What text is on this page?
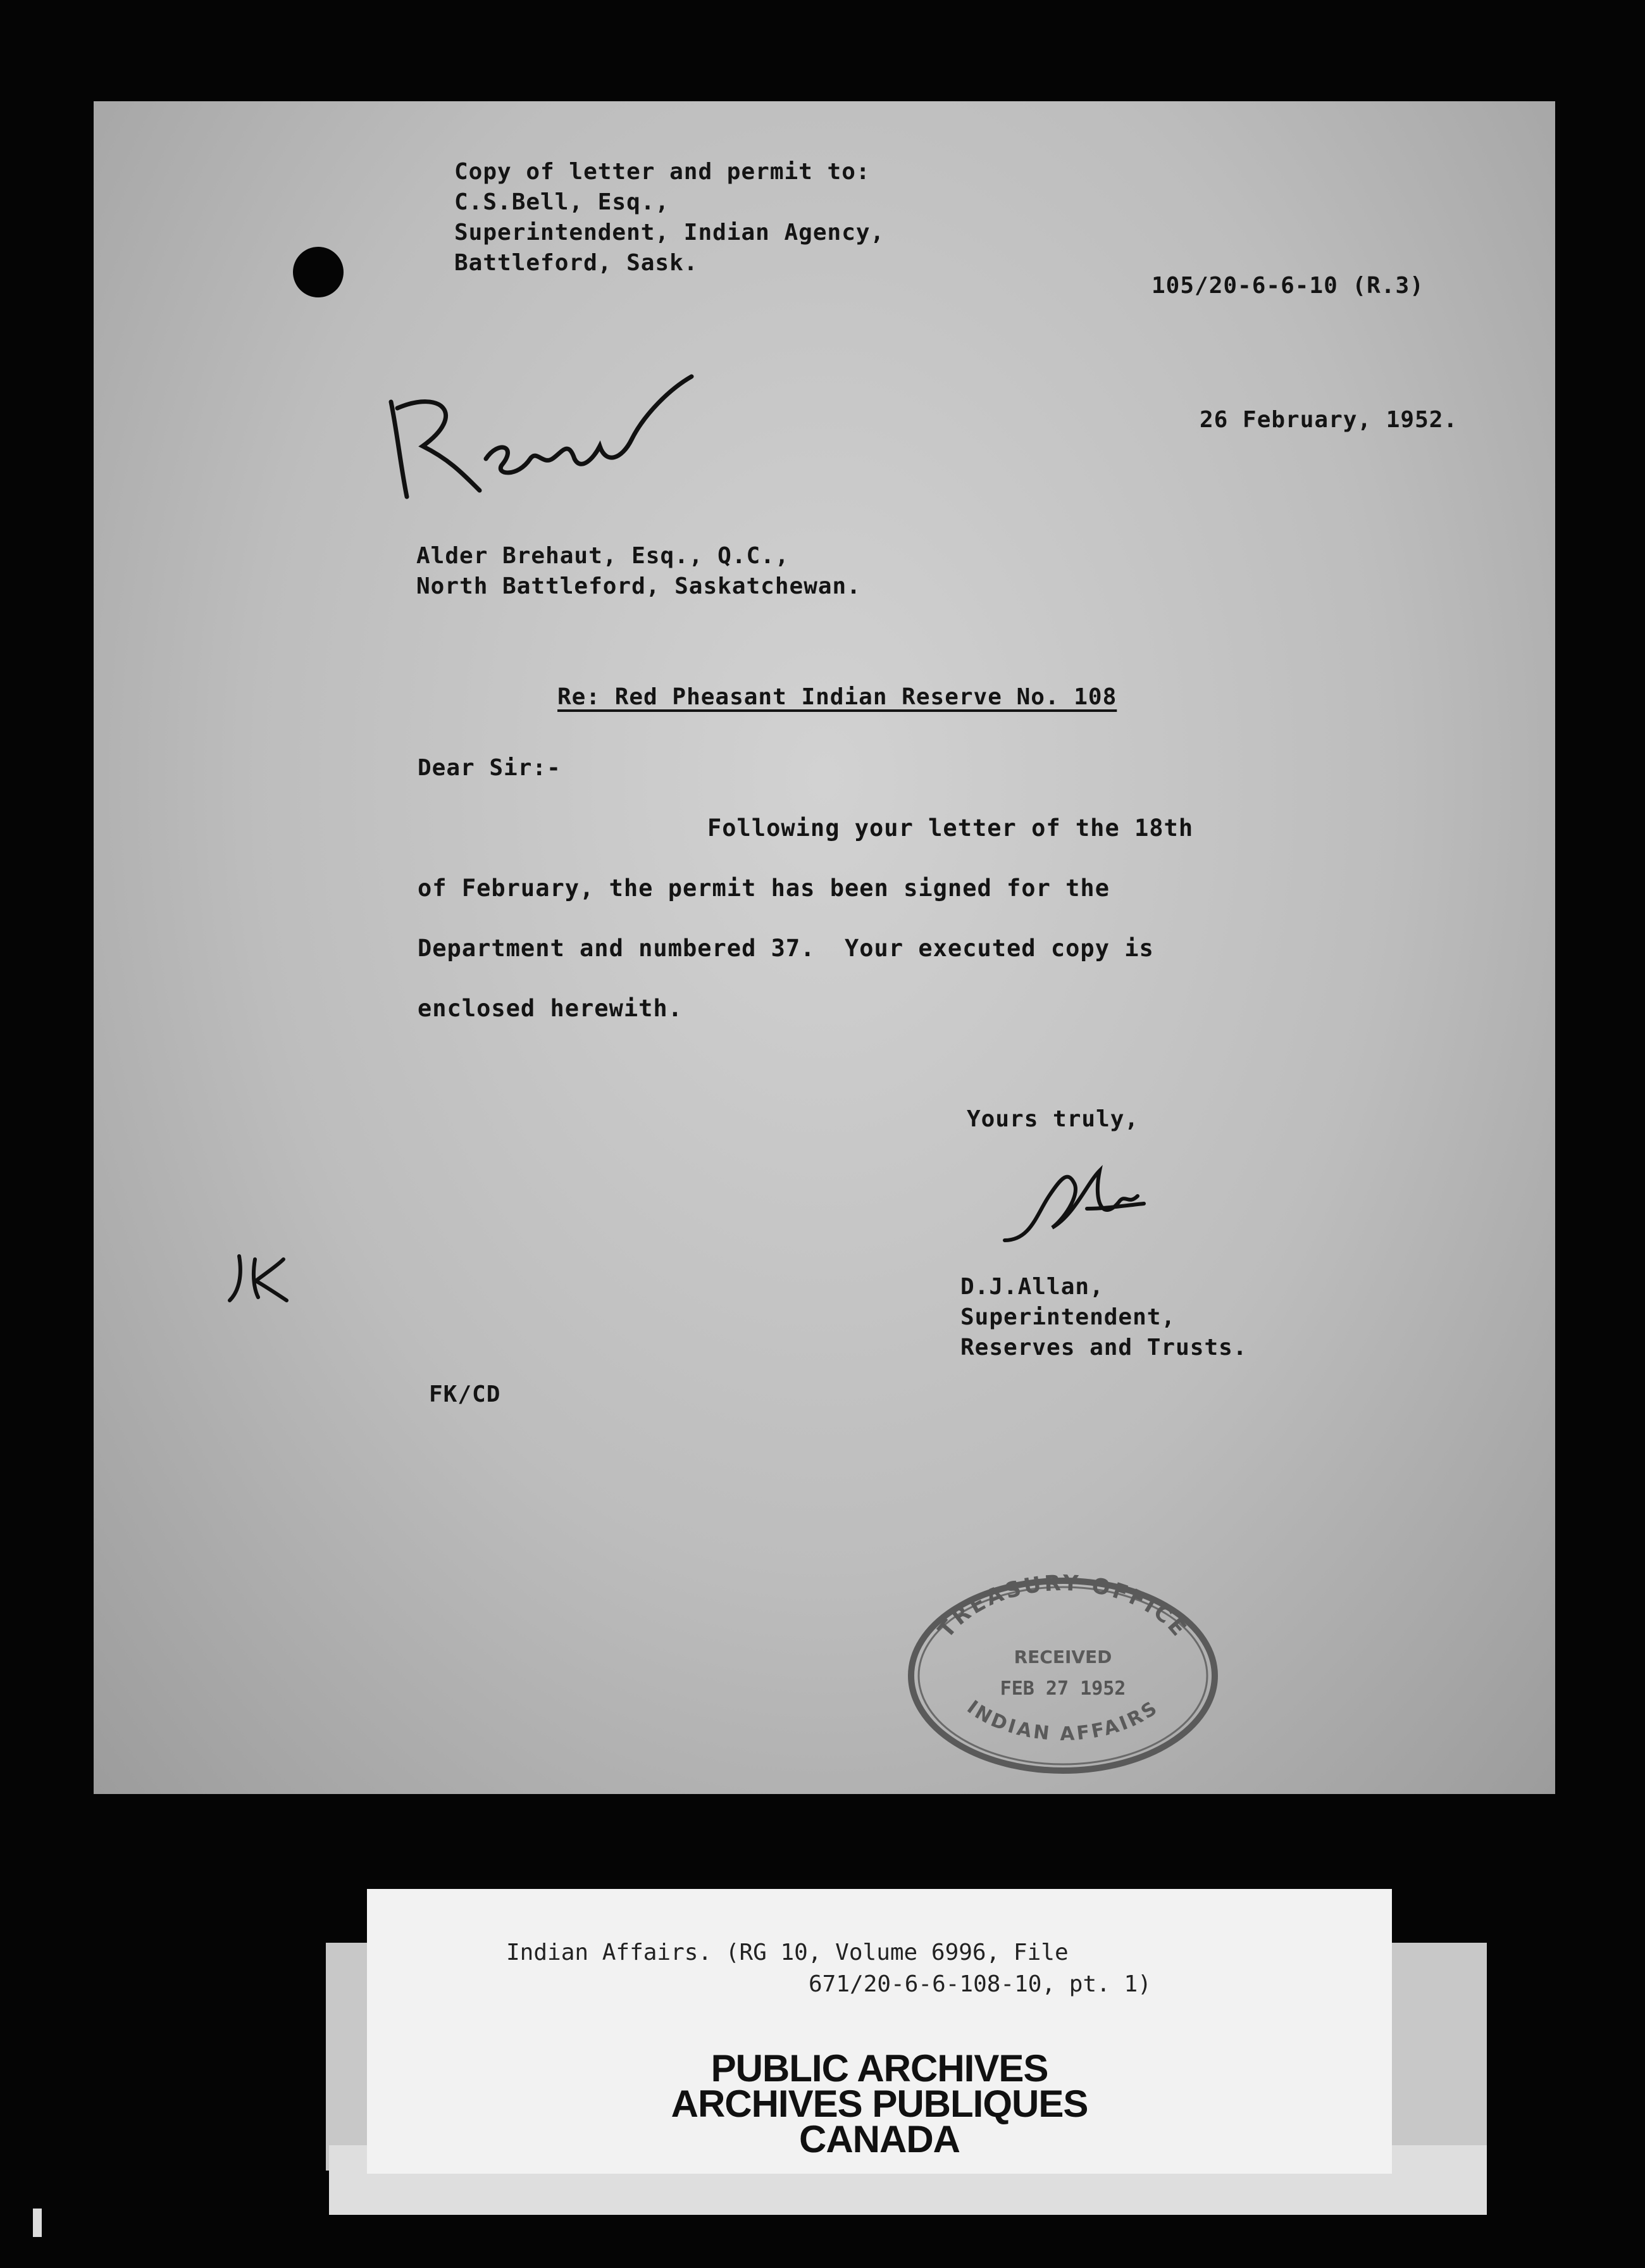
Copy of letter and permit to:
C.S.Bell, Esq.,
Superintendent, Indian Agency,
Battleford, Sask.
105/20-6-6-10 (R.3)
26 February, 1952.
Alder Brehaut, Esq., Q.C.,
North Battleford, Saskatchewan.
Re: Red Pheasant Indian Reserve No. 108
Dear Sir:-
Following your letter of the 18th
of February, the permit has been signed for the
Department and numbered 37.  Your executed copy is
enclosed herewith.
Yours truly,
D.J.Allan,
Superintendent,
Reserves and Trusts.
FK/CD
TREASURY OFFICE
RECEIVED
FEB 27 1952
INDIAN AFFAIRS
Indian Affairs. (RG 10, Volume 6996, File
671/20-6-6-108-10, pt. 1)
PUBLIC ARCHIVES
ARCHIVES PUBLIQUES
CANADA
